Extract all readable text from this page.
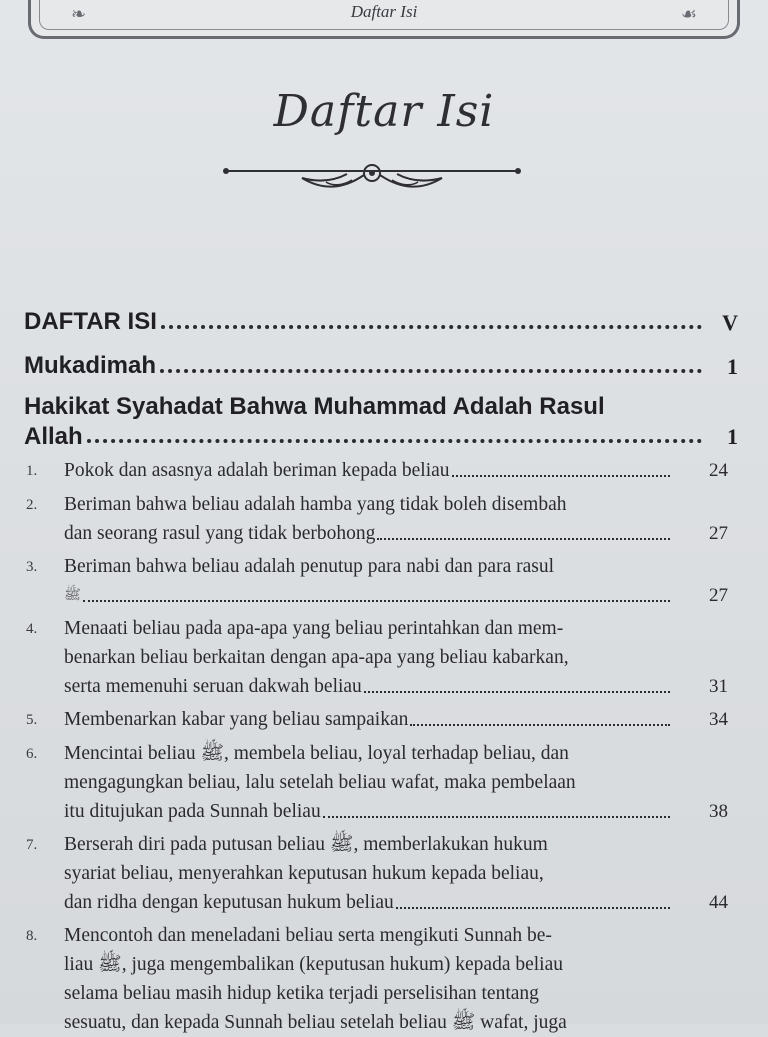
❧	Daftar Isi	☙
Daftar Isi
DAFTAR ISI	V
Mukadimah	1
Hakikat Syahadat Bahwa Muhammad Adalah Rasul
Allah	1
1.	Pokok dan asasnya adalah beriman kepada beliau	24
2.	Beriman bahwa beliau adalah hamba yang tidak boleh disembah
dan seorang rasul yang tidak berbohong	27
3.	Beriman bahwa beliau adalah penutup para nabi dan para rasul
ﷺ	27
4.	Menaati beliau pada apa-apa yang beliau perintahkan dan mem-
benarkan beliau berkaitan dengan apa-apa yang beliau kabarkan,
serta memenuhi seruan dakwah beliau	31
5.	Membenarkan kabar yang beliau sampaikan	34
6.	Mencintai beliau ﷺ, membela beliau, loyal terhadap beliau, dan
mengagungkan beliau, lalu setelah beliau wafat, maka pembelaan
itu ditujukan pada Sunnah beliau	38
7.	Berserah diri pada putusan beliau ﷺ, memberlakukan hukum
syariat beliau, menyerahkan keputusan hukum kepada beliau,
dan ridha dengan keputusan hukum beliau	44
8.	Mencontoh dan meneladani beliau serta mengikuti Sunnah be-
liau ﷺ, juga mengembalikan (keputusan hukum) kepada beliau
selama beliau masih hidup ketika terjadi perselisihan tentang
sesuatu, dan kepada Sunnah beliau setelah beliau ﷺ wafat, juga
